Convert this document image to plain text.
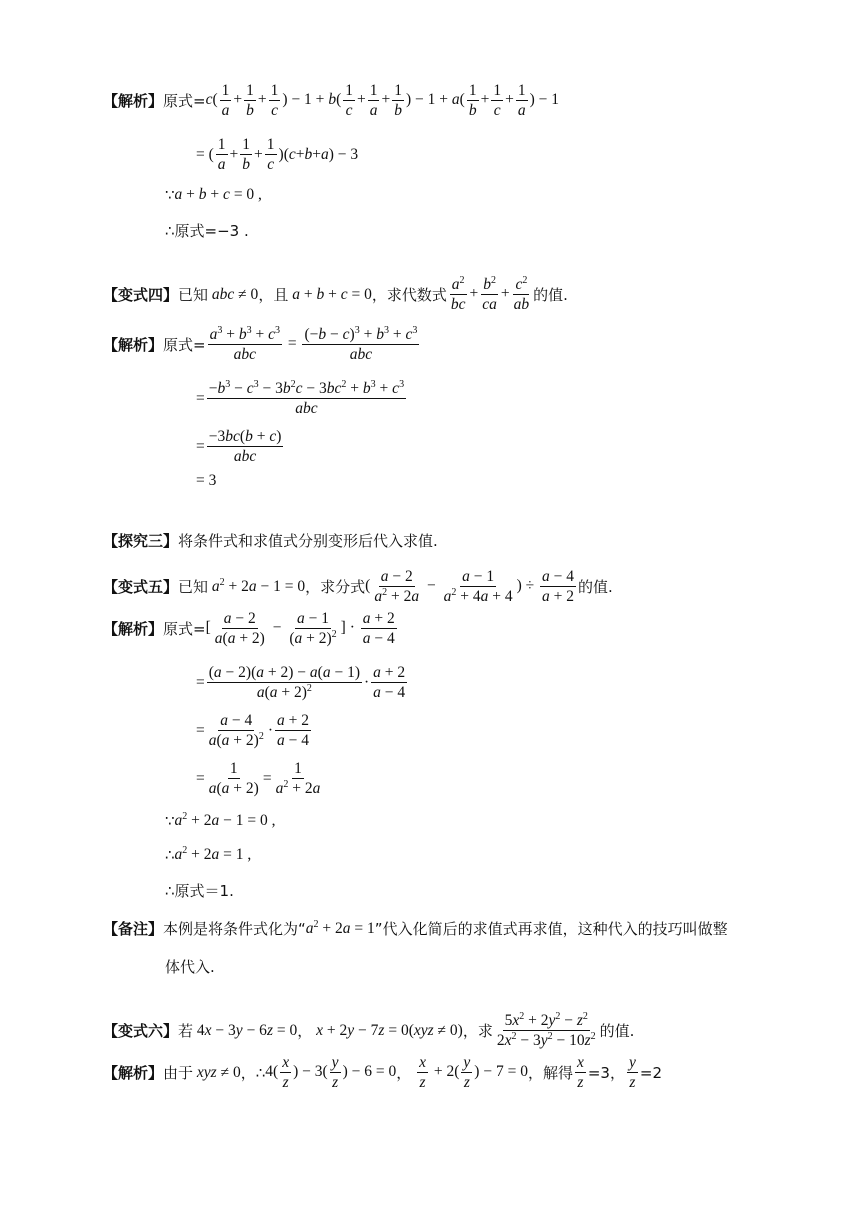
【解析】 原式= $c( \frac{1}{a} + \frac{1}{b} + \frac{1}{c}$ ) − $1 + b( \frac{1}{c} + \frac{1}{a} + \frac{1}{b}$ ) − $1 + a( \frac{1}{b} + \frac{1}{c} + \frac{1}{a}$ ) − 1
= ( $\frac{1}{a} + \frac{1}{b} + \frac{1}{c}$ )( c + b + a ) − 3
∵ a + b + c = 0 ,
∴ 原式=−3 .
【变式四】 已知 abc ≠ 0 ，且 a + b + c = 0 ，求代数式 $\frac{a^2}{bc} + \frac{b^2}{ca} + \frac{c^2}{ab}$ 的值.
【解析】 原式= $\frac{a^3 + b^3 + c^3}{\text{abc}} = \frac{(-b - c)^3 + b^3 + c^3}{\text{abc}}$
= $\frac{-b^3 - c^3 - 3b^2c - 3bc^2 + b^3 + c^3}{\text{abc}}$
= $\frac{-3bc(b + c)}{\text{abc}}$
= 3
【探究三】 将条件式和求值式分别变形后代入求值.
【变式五】 已知 $a^2 + 2a - 1 = 0$ ，求分式 ( $\frac{a - 2}{a^2 + 2a} - \frac{a - 1}{a^2 + 4a + 4}$ ) ÷ $\frac{a - 4}{a + 2}$ 的值.
【解析】 原式= [ $\frac{a - 2}{a(a + 2)} - \frac{a - 1}{(a + 2)^2}$ ] · $\frac{a + 2}{a - 4}$
= $\frac{(a - 2)(a + 2) - a(a - 1)}{a(a + 2)^2} \cdot \frac{a + 2}{a - 4}$
= $\frac{a - 4}{a(a + 2)^2} \cdot \frac{a + 2}{a - 4}$
= $\frac{1}{a(a + 2)} = \frac{1}{a^2 + 2a}$
∵ $a^2 + 2a - 1 = 0$ ,
∴ $a^2 + 2a = 1$ ,
∴ 原式＝1.
【备注】 本例是将条件式化为“ $a^2 + 2a = 1$ ”代入化简后的求值式再求值，这种代入的技巧叫做整
体代入.
【变式六】 若 4x − 3y − 6z = 0 ， x + 2y − 7z = 0(xyz ≠ 0) ，求 $\frac{5x^2 + 2y^2 - z^2}{2x^2 - 3y^2 - 10z^2}$ 的值.
【解析】 由于 xyz ≠ 0 ， ∴ $4( \frac{x}{z}$ ) − $3( \frac{y}{z}$ ) − 6 = 0 ，
$\frac{x}{z} + 2( \frac{y}{z}$ ) − 7 = 0 ，解得 $\frac{x}{z} =3$， $\frac{y}{z} =2$
